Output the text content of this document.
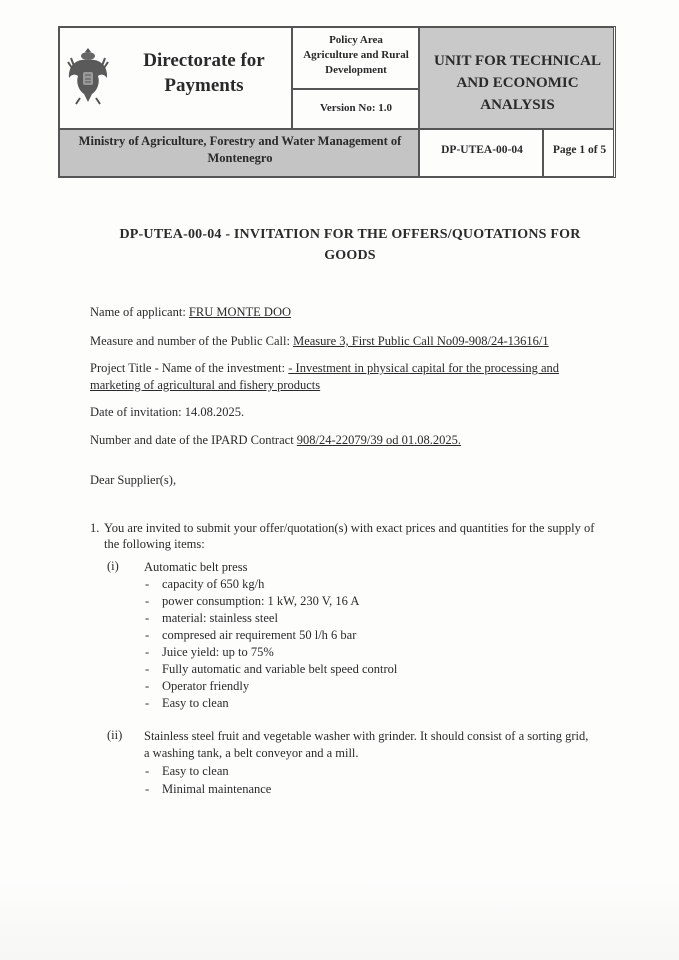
Directorate for Payments
Policy Area
Agriculture and Rural
Development
Version No: 1.0
UNIT FOR TECHNICAL
AND ECONOMIC
ANALYSIS
Ministry of Agriculture, Forestry and Water Management of
Montenegro
DP-UTEA-00-04	Page 1 of 5
DP-UTEA-00-04 - INVITATION FOR THE OFFERS/QUOTATIONS FOR
GOODS
Name of applicant: FRU MONTE DOO
Measure and number of the Public Call: Measure 3, First Public Call No09-908/24-13616/1
Project Title - Name of the investment: - Investment in physical capital for the processing and
marketing of agricultural and fishery products
Date of invitation: 14.08.2025.
Number and date of the IPARD Contract 908/24-22079/39 od 01.08.2025.
Dear Supplier(s),
1. You are invited to submit your offer/quotation(s) with exact prices and quantities for the supply of the following items:
(i) Automatic belt press
- capacity of 650 kg/h
- power consumption: 1 kW, 230 V, 16 A
- material: stainless steel
- compresed air requirement 50 l/h 6 bar
- Juice yield: up to 75%
- Fully automatic and variable belt speed control
- Operator friendly
- Easy to clean
(ii) Stainless steel fruit and vegetable washer with grinder. It should consist of a sorting grid,
a washing tank, a belt conveyor and a mill.
- Easy to clean
- Minimal maintenance
